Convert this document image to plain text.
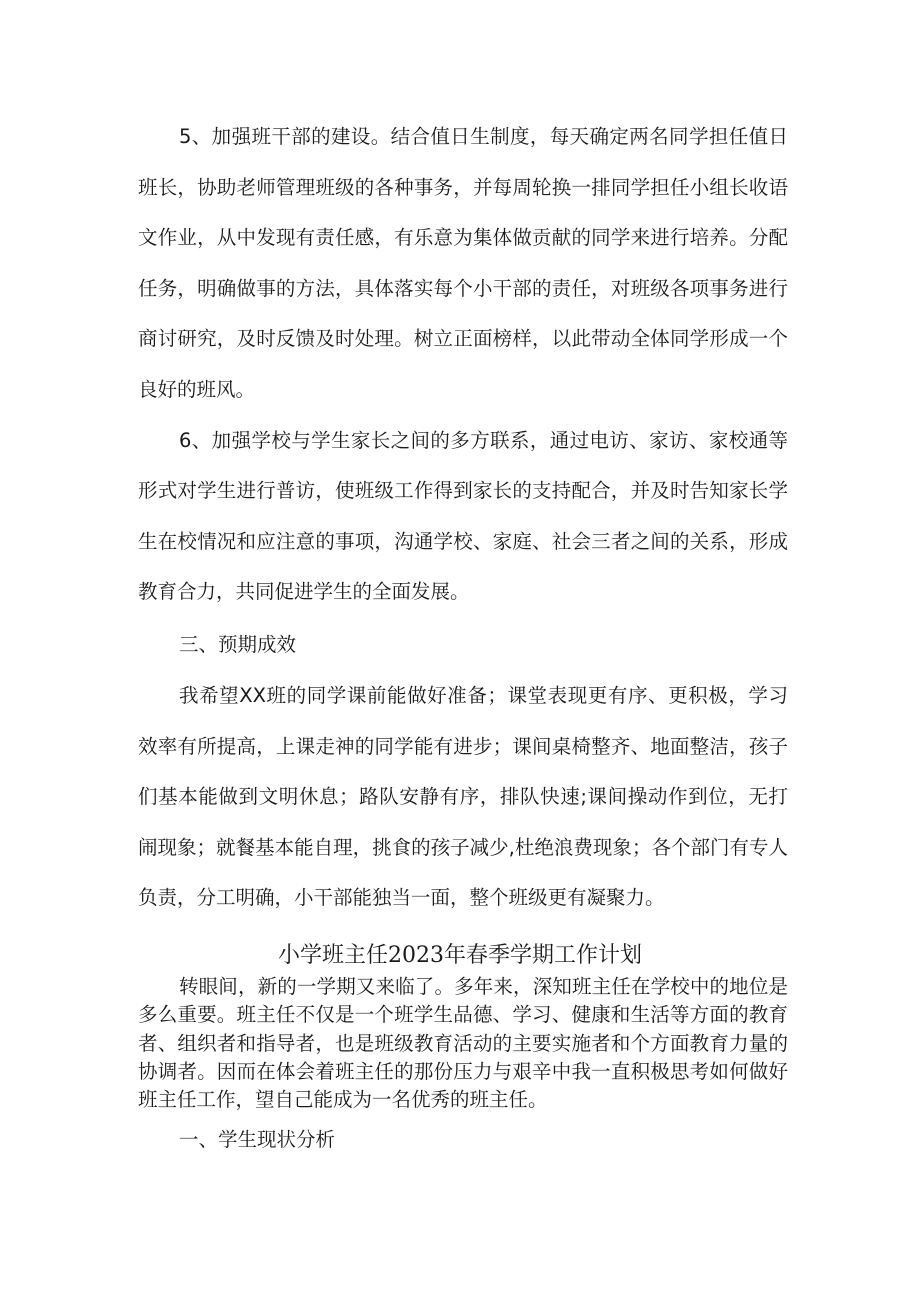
5、加强班干部的建设。结合值日生制度，每天确定两名同学担任值日班长，协助老师管理班级的各种事务，并每周轮换一排同学担任小组长收语文作业，从中发现有责任感，有乐意为集体做贡献的同学来进行培养。分配任务，明确做事的方法，具体落实每个小干部的责任，对班级各项事务进行商讨研究，及时反馈及时处理。树立正面榜样，以此带动全体同学形成一个良好的班风。

6、加强学校与学生家长之间的多方联系，通过电访、家访、家校通等形式对学生进行普访，使班级工作得到家长的支持配合，并及时告知家长学生在校情况和应注意的事项，沟通学校、家庭、社会三者之间的关系，形成教育合力，共同促进学生的全面发展。

三、预期成效

我希望XX班的同学课前能做好准备；课堂表现更有序、更积极，学习效率有所提高，上课走神的同学能有进步；课间桌椅整齐、地面整洁，孩子们基本能做到文明休息；路队安静有序，排队快速;课间操动作到位，无打闹现象；就餐基本能自理，挑食的孩子减少,杜绝浪费现象；各个部门有专人负责，分工明确，小干部能独当一面，整个班级更有凝聚力。

小学班主任2023年春季学期工作计划

转眼间，新的一学期又来临了。多年来，深知班主任在学校中的地位是多么重要。班主任不仅是一个班学生品德、学习、健康和生活等方面的教育者、组织者和指导者，也是班级教育活动的主要实施者和个方面教育力量的协调者。因而在体会着班主任的那份压力与艰辛中我一直积极思考如何做好班主任工作，望自己能成为一名优秀的班主任。

一、学生现状分析
